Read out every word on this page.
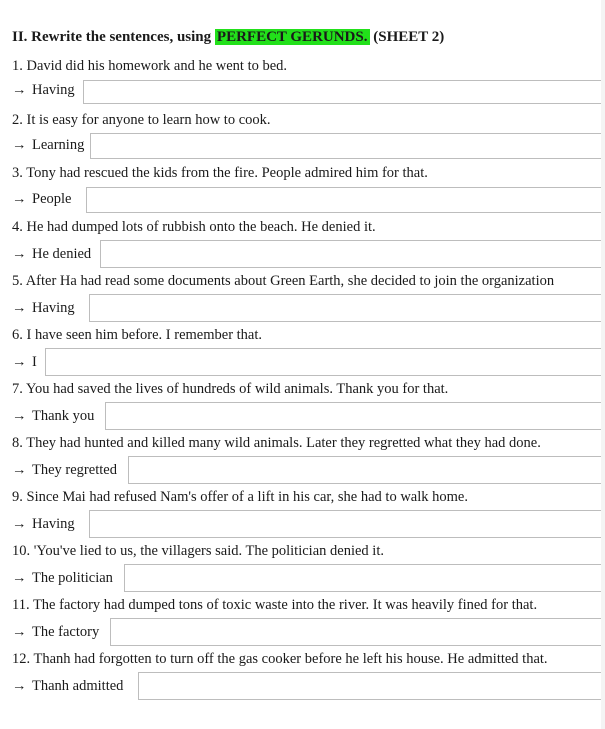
II. Rewrite the sentences, using PERFECT GERUNDS. (SHEET 2)
1. David did his homework and he went to bed.
→ Having
2. It is easy for anyone to learn how to cook.
→ Learning
3. Tony had rescued the kids from the fire. People admired him for that.
→ People
4. He had dumped lots of rubbish onto the beach. He denied it.
→ He denied
5. After Ha had read some documents about Green Earth, she decided to join the organization
→ Having
6. I have seen him before. I remember that.
→ I
7. You had saved the lives of hundreds of wild animals. Thank you for that.
→ Thank you
8. They had hunted and killed many wild animals. Later they regretted what they had done.
→ They regretted
9. Since Mai had refused Nam's offer of a lift in his car, she had to walk home.
→ Having
10. 'You've lied to us, the villagers said. The politician denied it.
→ The politician
11. The factory had dumped tons of toxic waste into the river. It was heavily fined for that.
→ The factory
12. Thanh had forgotten to turn off the gas cooker before he left his house. He admitted that.
→ Thanh admitted
